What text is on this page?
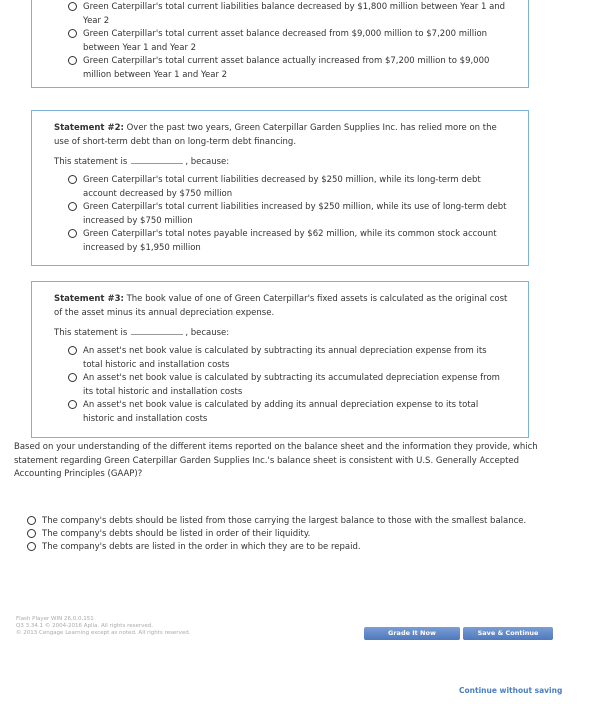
Green Caterpillar's total current liabilities balance decreased by $1,800 million between Year 1 and Year 2
Green Caterpillar's total current asset balance decreased from $9,000 million to $7,200 million between Year 1 and Year 2
Green Caterpillar's total current asset balance actually increased from $7,200 million to $9,000 million between Year 1 and Year 2
Statement #2: Over the past two years, Green Caterpillar Garden Supplies Inc. has relied more on the use of short-term debt than on long-term debt financing.
This statement is	, because:
Green Caterpillar's total current liabilities decreased by $250 million, while its long-term debt account decreased by $750 million
Green Caterpillar's total current liabilities increased by $250 million, while its use of long-term debt increased by $750 million
Green Caterpillar's total notes payable increased by $62 million, while its common stock account increased by $1,950 million
Statement #3: The book value of one of Green Caterpillar's fixed assets is calculated as the original cost of the asset minus its annual depreciation expense.
This statement is	, because:
An asset's net book value is calculated by subtracting its annual depreciation expense from its total historic and installation costs
An asset's net book value is calculated by subtracting its accumulated depreciation expense from its total historic and installation costs
An asset's net book value is calculated by adding its annual depreciation expense to its total historic and installation costs
Based on your understanding of the different items reported on the balance sheet and the information they provide, which statement regarding Green Caterpillar Garden Supplies Inc.'s balance sheet is consistent with U.S. Generally Accepted Accounting Principles (GAAP)?
The company's debts should be listed from those carrying the largest balance to those with the smallest balance.
The company's debts should be listed in order of their liquidity.
The company's debts are listed in the order in which they are to be repaid.
Flash Player WIN 26,0,0,151
Q3 3.34.1 © 2004-2016 Aplia. All rights reserved.
© 2013 Cengage Learning except as noted. All rights reserved.	Grade It Now	Save & Continue
Continue without saving
